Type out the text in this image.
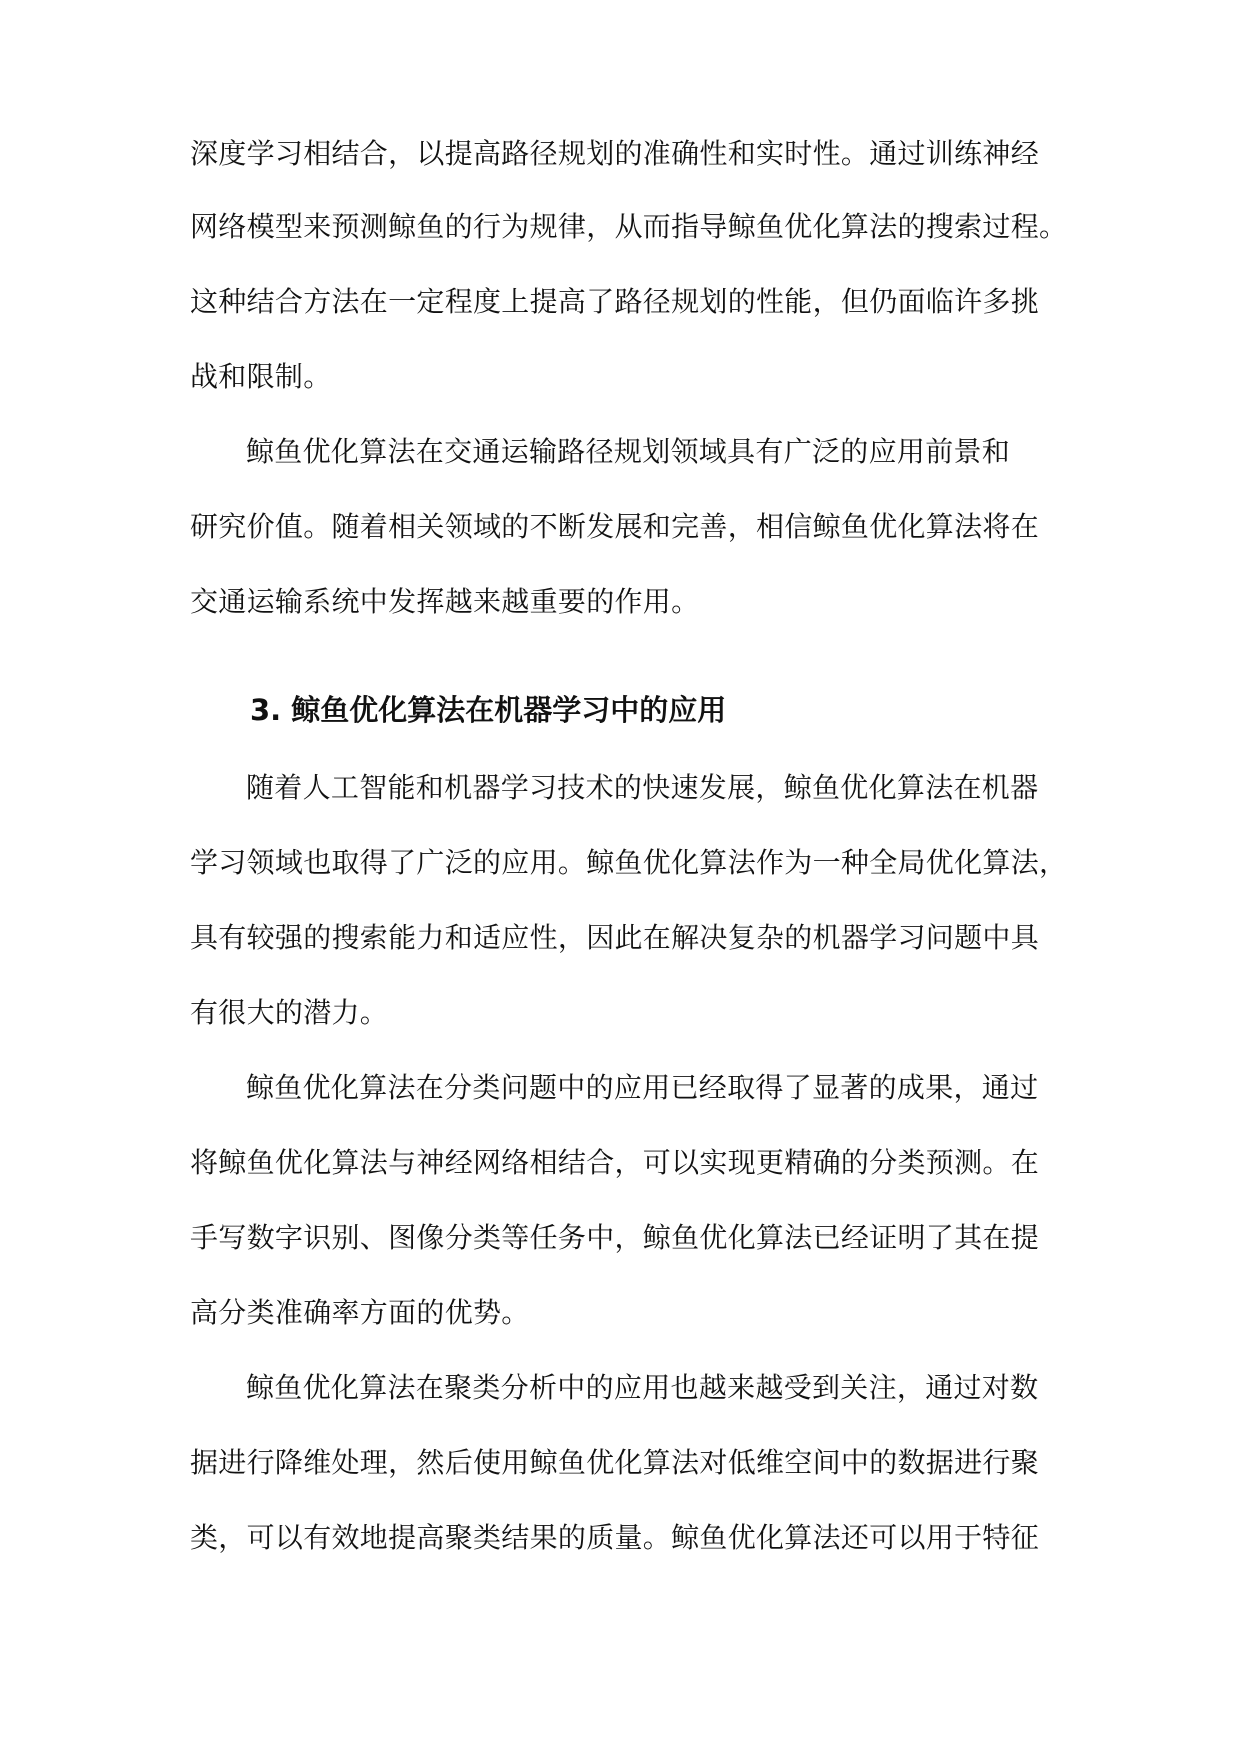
深度学习相结合，以提高路径规划的准确性和实时性。通过训练神经
网络模型来预测鲸鱼的行为规律，从而指导鲸鱼优化算法的搜索过程。
这种结合方法在一定程度上提高了路径规划的性能，但仍面临许多挑
战和限制。
鲸鱼优化算法在交通运输路径规划领域具有广泛的应用前景和
研究价值。随着相关领域的不断发展和完善，相信鲸鱼优化算法将在
交通运输系统中发挥越来越重要的作用。
3. 鲸鱼优化算法在机器学习中的应用
随着人工智能和机器学习技术的快速发展，鲸鱼优化算法在机器
学习领域也取得了广泛的应用。鲸鱼优化算法作为一种全局优化算法，
具有较强的搜索能力和适应性，因此在解决复杂的机器学习问题中具
有很大的潜力。
鲸鱼优化算法在分类问题中的应用已经取得了显著的成果，通过
将鲸鱼优化算法与神经网络相结合，可以实现更精确的分类预测。在
手写数字识别、图像分类等任务中，鲸鱼优化算法已经证明了其在提
高分类准确率方面的优势。
鲸鱼优化算法在聚类分析中的应用也越来越受到关注，通过对数
据进行降维处理，然后使用鲸鱼优化算法对低维空间中的数据进行聚
类，可以有效地提高聚类结果的质量。鲸鱼优化算法还可以用于特征
